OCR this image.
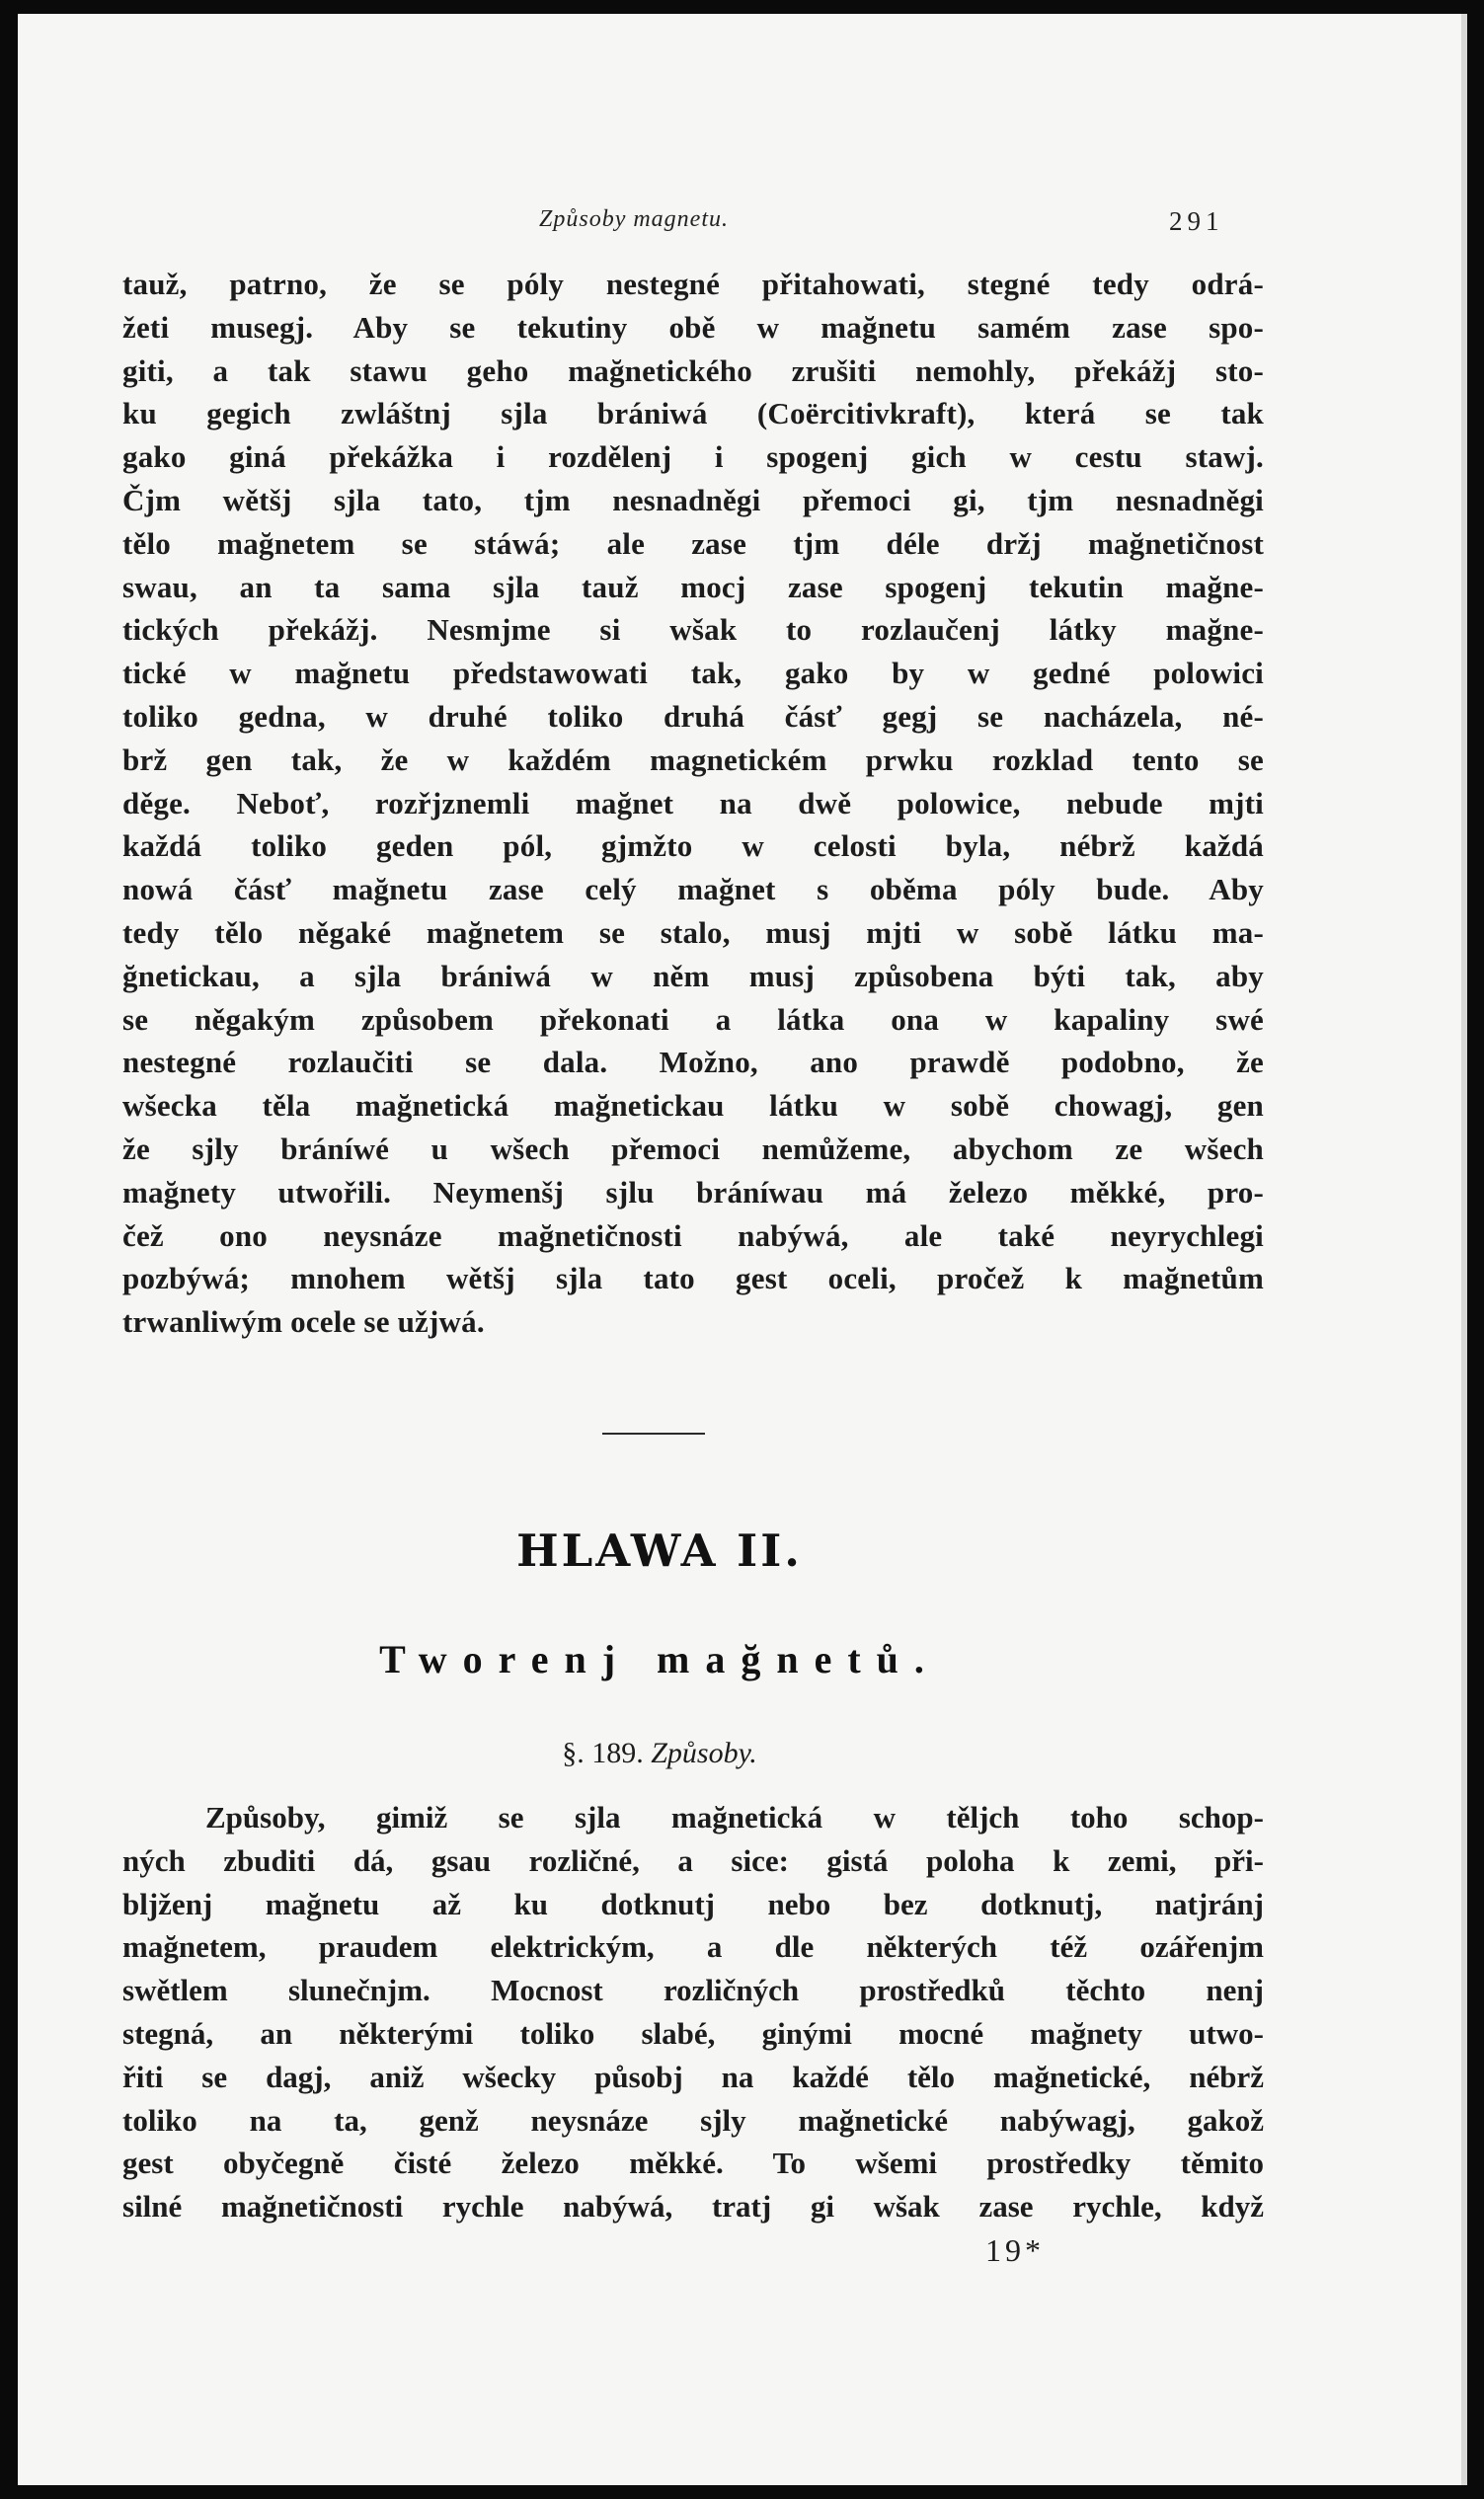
Způsoby magnetu.	291
tauž, patrno, že se póly nestegné přitahowati, stegné tedy odrá-
žeti musegj. Aby se tekutiny obě w mağnetu samém zase spo-
giti, a tak stawu geho mağnetického zrušiti nemohly, překážj sto-
ku gegich zwláštnj sjla brániwá (Coërcitivkraft), která se tak
gako giná překážka i rozdělenj i spogenj gich w cestu stawj.
Čjm wětšj sjla tato, tjm nesnadněgi přemoci gi, tjm nesnadněgi
tělo mağnetem se stáwá; ale zase tjm déle držj mağnetičnost
swau, an ta sama sjla tauž mocj zase spogenj tekutin mağne-
tických překážj. Nesmjme si wšak to rozlaučenj látky mağne-
tické w mağnetu předstawowati tak, gako by w gedné polowici
toliko gedna, w druhé toliko druhá čásť gegj se nacházela, né-
brž gen tak, že w každém magnetickém prwku rozklad tento se
děge. Neboť, rozřjznemli mağnet na dwě polowice, nebude mjti
každá toliko geden pól, gjmžto w celosti byla, nébrž každá
nowá čásť mağnetu zase celý mağnet s oběma póly bude. Aby
tedy tělo něgaké mağnetem se stalo, musj mjti w sobě látku ma-
ğnetickau, a sjla brániwá w něm musj způsobena býti tak, aby
se něgakým způsobem překonati a látka ona w kapaliny swé
nestegné rozlaučiti se dala. Možno, ano prawdě podobno, že
wšecka těla mağnetická mağnetickau látku w sobě chowagj, gen
že sjly bráníwé u wšech přemoci nemůžeme, abychom ze wšech
mağnety utwořili. Neymenšj sjlu bráníwau má železo měkké, pro-
čež ono neysnáze mağnetičnosti nabýwá, ale také neyrychlegi
pozbýwá; mnohem wětšj sjla tato gest oceli, pročež k mağnetům
trwanliwým ocele se užjwá.
HLAWA II.
Tworenj mağnetů.
§. 189. Způsoby.
Způsoby, gimiž se sjla mağnetická w těljch toho schop-
ných zbuditi dá, gsau rozličné, a sice: gistá poloha k zemi, při-
bljženj mağnetu až ku dotknutj nebo bez dotknutj, natjránj
mağnetem, praudem elektrickým, a dle některých též ozářenjm
swětlem slunečnjm. Mocnost rozličných prostředků těchto nenj
stegná, an některými toliko slabé, ginými mocné mağnety utwo-
řiti se dagj, aniž wšecky působj na každé tělo mağnetické, nébrž
toliko na ta, genž neysnáze sjly mağnetické nabýwagj, gakož
gest obyčegně čisté železo měkké. To wšemi prostředky těmito
silné mağnetičnosti rychle nabýwá, tratj gi wšak zase rychle, když
19*
